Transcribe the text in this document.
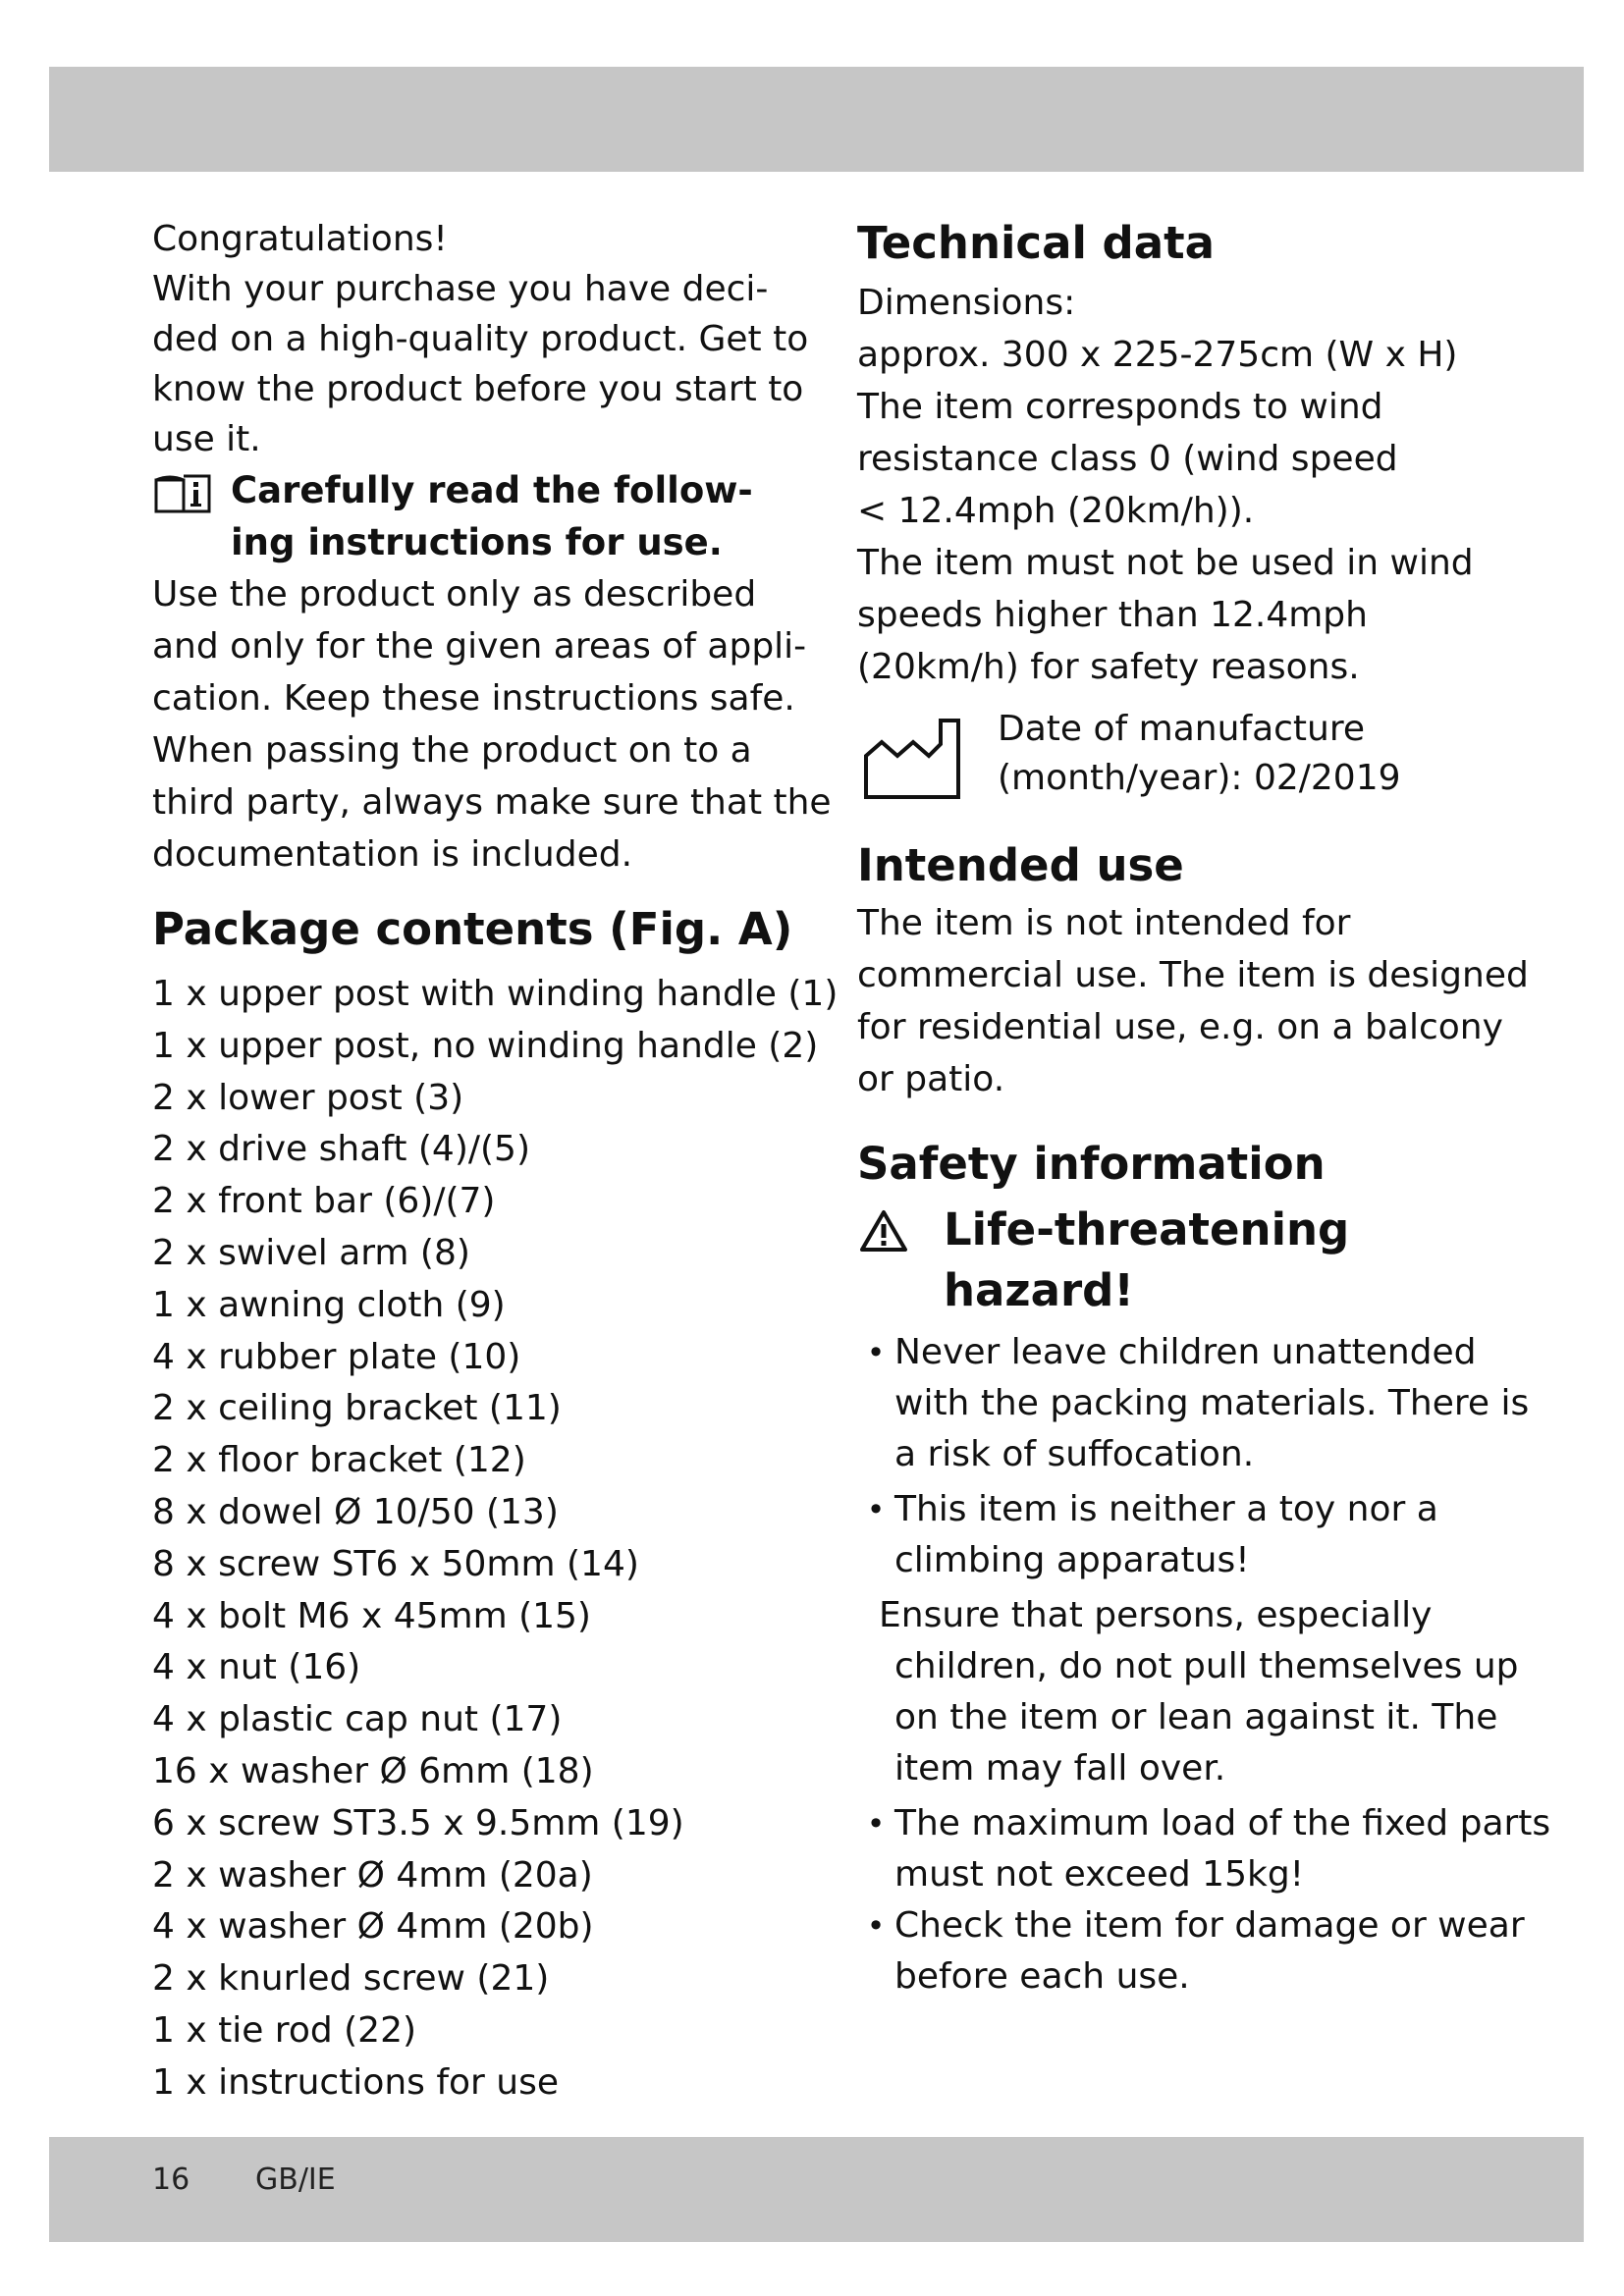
Congratulations!

With your purchase you have deci-

ded on a high-quality product. Get to

know the product before you start to

use it.

Carefully read the follow-
ing instructions for use.

Use the product only as described

and only for the given areas of appli-

cation. Keep these instructions safe.

When passing the product on to a

third party, always make sure that the

documentation is included.

Package contents (Fig. A)
1 x upper post with winding handle (1)
1 x upper post, no winding handle (2)
2 x lower post (3)
2 x drive shaft (4)/(5)
2 x front bar (6)/(7)
2 x swivel arm (8)
1 x awning cloth (9)
4 x rubber plate (10)
2 x ceiling bracket (11)
2 x floor bracket (12)
8 x dowel Ø 10/50 (13)
8 x screw ST6 x 50mm (14)
4 x bolt M6 x 45mm (15)
4 x nut (16)
4 x plastic cap nut (17)
16 x washer Ø 6mm (18)
6 x screw ST3.5 x 9.5mm (19)
2 x washer Ø 4mm (20a)
4 x washer Ø 4mm (20b)
2 x knurled screw (21)
1 x tie rod (22)
1 x instructions for use
Technical data

Dimensions:

approx. 300 x 225-275cm (W x H)

The item corresponds to wind

resistance class 0 (wind speed

< 12.4mph (20km/h)).

The item must not be used in wind

speeds higher than 12.4mph

(20km/h) for safety reasons.

Date of manufacture

(month/year): 02/2019

Intended use

The item is not intended for

commercial use. The item is designed

for residential use, e.g. on a balcony

or patio.

Safety information
Life-threatening
hazard!
• Never leave children unattended
with the packing materials. There is
a risk of suffocation.
• This item is neither a toy nor a
climbing apparatus!
Ensure that persons, especially
children, do not pull themselves up
on the item or lean against it. The
item may fall over.
• The maximum load of the fixed parts
must not exceed 15kg!
• Check the item for damage or wear
before each use.
16 GB/IE
